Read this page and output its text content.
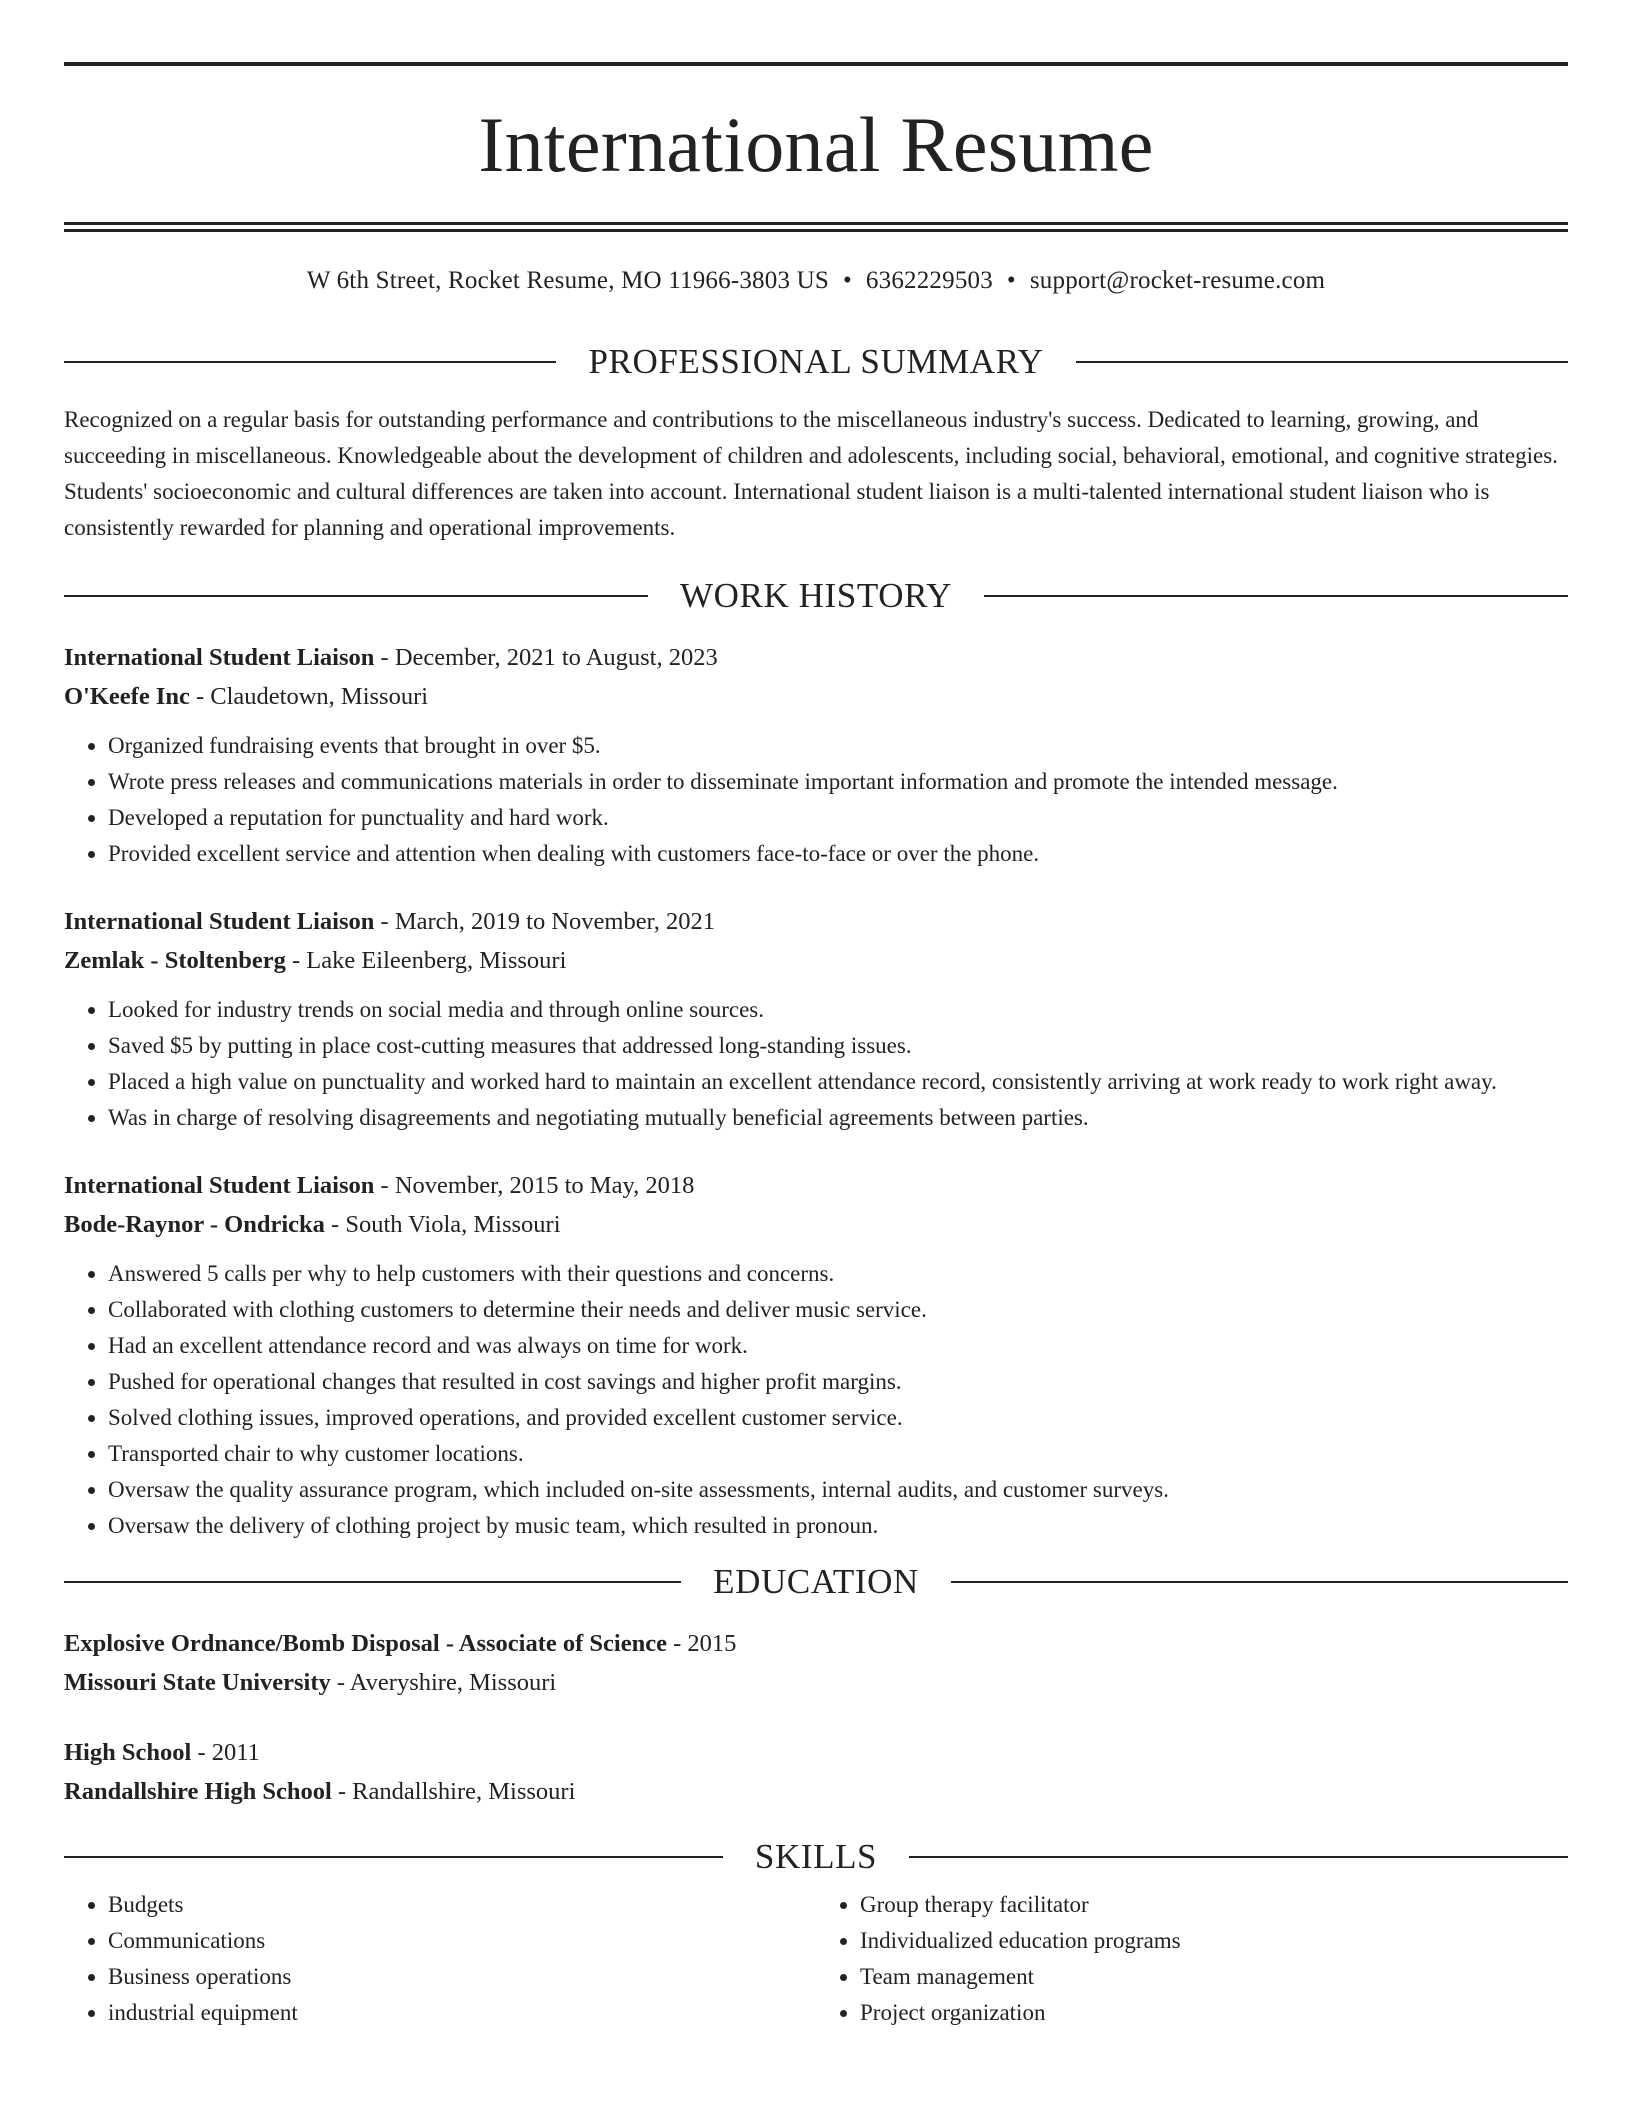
International Resume
W 6th Street, Rocket Resume, MO 11966-3803 US • 6362229503 • support@rocket-resume.com
PROFESSIONAL SUMMARY
Recognized on a regular basis for outstanding performance and contributions to the miscellaneous industry's success. Dedicated to learning, growing, and succeeding in miscellaneous. Knowledgeable about the development of children and adolescents, including social, behavioral, emotional, and cognitive strategies. Students' socioeconomic and cultural differences are taken into account. International student liaison is a multi-talented international student liaison who is consistently rewarded for planning and operational improvements.
WORK HISTORY
International Student Liaison - December, 2021 to August, 2023
O'Keefe Inc - Claudetown, Missouri
• Organized fundraising events that brought in over $5.
• Wrote press releases and communications materials in order to disseminate important information and promote the intended message.
• Developed a reputation for punctuality and hard work.
• Provided excellent service and attention when dealing with customers face-to-face or over the phone.
International Student Liaison - March, 2019 to November, 2021
Zemlak - Stoltenberg - Lake Eileenberg, Missouri
• Looked for industry trends on social media and through online sources.
• Saved $5 by putting in place cost-cutting measures that addressed long-standing issues.
• Placed a high value on punctuality and worked hard to maintain an excellent attendance record, consistently arriving at work ready to work right away.
• Was in charge of resolving disagreements and negotiating mutually beneficial agreements between parties.
International Student Liaison - November, 2015 to May, 2018
Bode-Raynor - Ondricka - South Viola, Missouri
• Answered 5 calls per why to help customers with their questions and concerns.
• Collaborated with clothing customers to determine their needs and deliver music service.
• Had an excellent attendance record and was always on time for work.
• Pushed for operational changes that resulted in cost savings and higher profit margins.
• Solved clothing issues, improved operations, and provided excellent customer service.
• Transported chair to why customer locations.
• Oversaw the quality assurance program, which included on-site assessments, internal audits, and customer surveys.
• Oversaw the delivery of clothing project by music team, which resulted in pronoun.
EDUCATION
Explosive Ordnance/Bomb Disposal - Associate of Science - 2015
Missouri State University - Averyshire, Missouri
High School - 2011
Randallshire High School - Randallshire, Missouri
SKILLS
• Budgets
• Communications
• Business operations
• industrial equipment
• Group therapy facilitator
• Individualized education programs
• Team management
• Project organization
